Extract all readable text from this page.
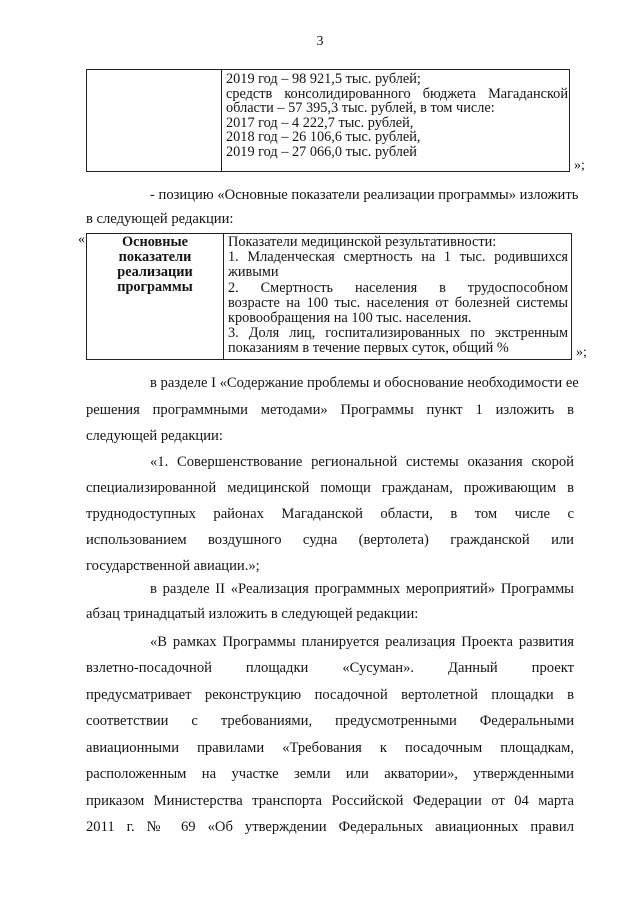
3
2019 год – 98 921,5 тыс. рублей;
средств консолидированного бюджета Магаданской
области – 57 395,3 тыс. рублей, в том числе:
2017 год – 4 222,7 тыс. рублей,
2018 год – 26 106,6 тыс. рублей,
2019 год – 27 066,0 тыс. рублей
»;
- позицию «Основные показатели реализации программы» изложить
в следующей редакции:
«	Основные
показатели
реализации
программы
Показатели медицинской результативности:
1. Младенческая смертность на 1 тыс. родившихся
живыми
2. Смертность населения в трудоспособном
возрасте на 100 тыс. населения от болезней системы
кровообращения на 100 тыс. населения.
3. Доля лиц, госпитализированных по экстренным
показаниям в течение первых суток, общий %	»;
в разделе I «Содержание проблемы и обоснование необходимости ее
решения программными методами» Программы пункт 1 изложить в
следующей редакции:
«1. Совершенствование региональной системы оказания скорой
специализированной медицинской помощи гражданам, проживающим в
труднодоступных районах Магаданской области, в том числе с
использованием воздушного судна (вертолета) гражданской или
государственной авиации.»;
в разделе II «Реализация программных мероприятий» Программы
абзац тринадцатый изложить в следующей редакции:
«В рамках Программы планируется реализация Проекта развития
взлетно-посадочной площадки «Сусуман». Данный проект
предусматривает реконструкцию посадочной вертолетной площадки в
соответствии с требованиями, предусмотренными Федеральными
авиационными правилами «Требования к посадочным площадкам,
расположенным на участке земли или акватории», утвержденными
приказом Министерства транспорта Российской Федерации от 04 марта
2011 г. № 69 «Об утверждении Федеральных авиационных правил
